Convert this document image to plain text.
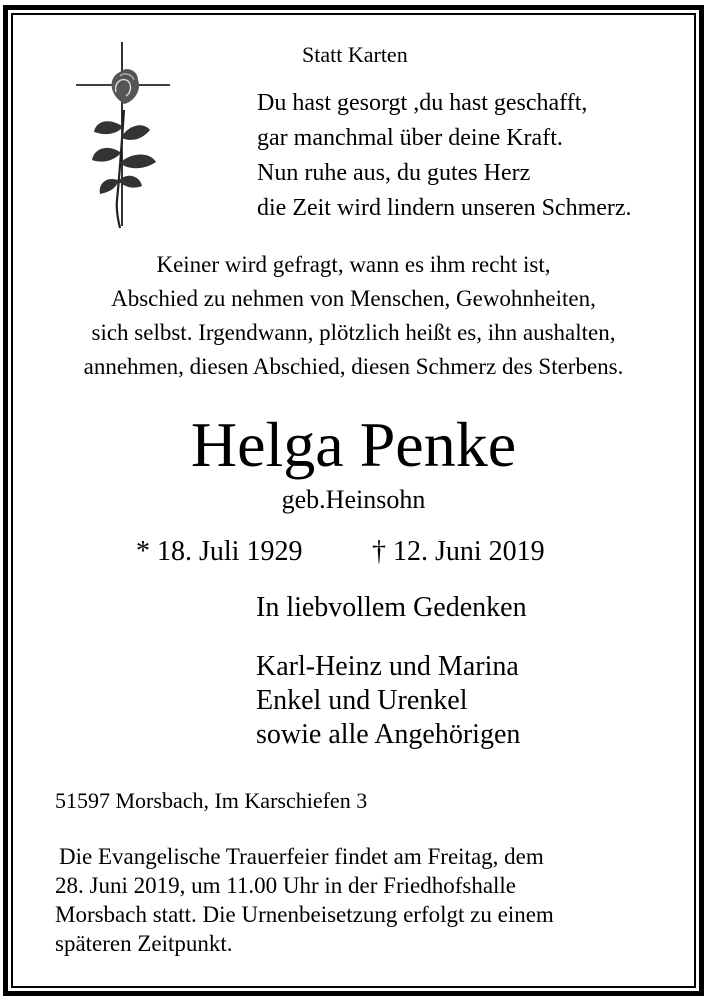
Statt Karten
Du hast gesorgt ,du hast geschafft,
gar manchmal über deine Kraft.
Nun ruhe aus, du gutes Herz
die Zeit wird lindern unseren Schmerz.
Keiner wird gefragt, wann es ihm recht ist,
Abschied zu nehmen von Menschen, Gewohnheiten,
sich selbst. Irgendwann, plötzlich heißt es, ihn aushalten,
annehmen, diesen Abschied, diesen Schmerz des Sterbens.
Helga Penke
geb.Heinsohn
* 18. Juli 1929 † 12. Juni 2019
In liebvollem Gedenken
Karl-Heinz und Marina
Enkel und Urenkel
sowie alle Angehörigen
51597 Morsbach, Im Karschiefen 3
Die Evangelische Trauerfeier findet am Freitag, dem
28. Juni 2019, um 11.00 Uhr in der Friedhofshalle
Morsbach statt. Die Urnenbeisetzung erfolgt zu einem
späteren Zeitpunkt.
